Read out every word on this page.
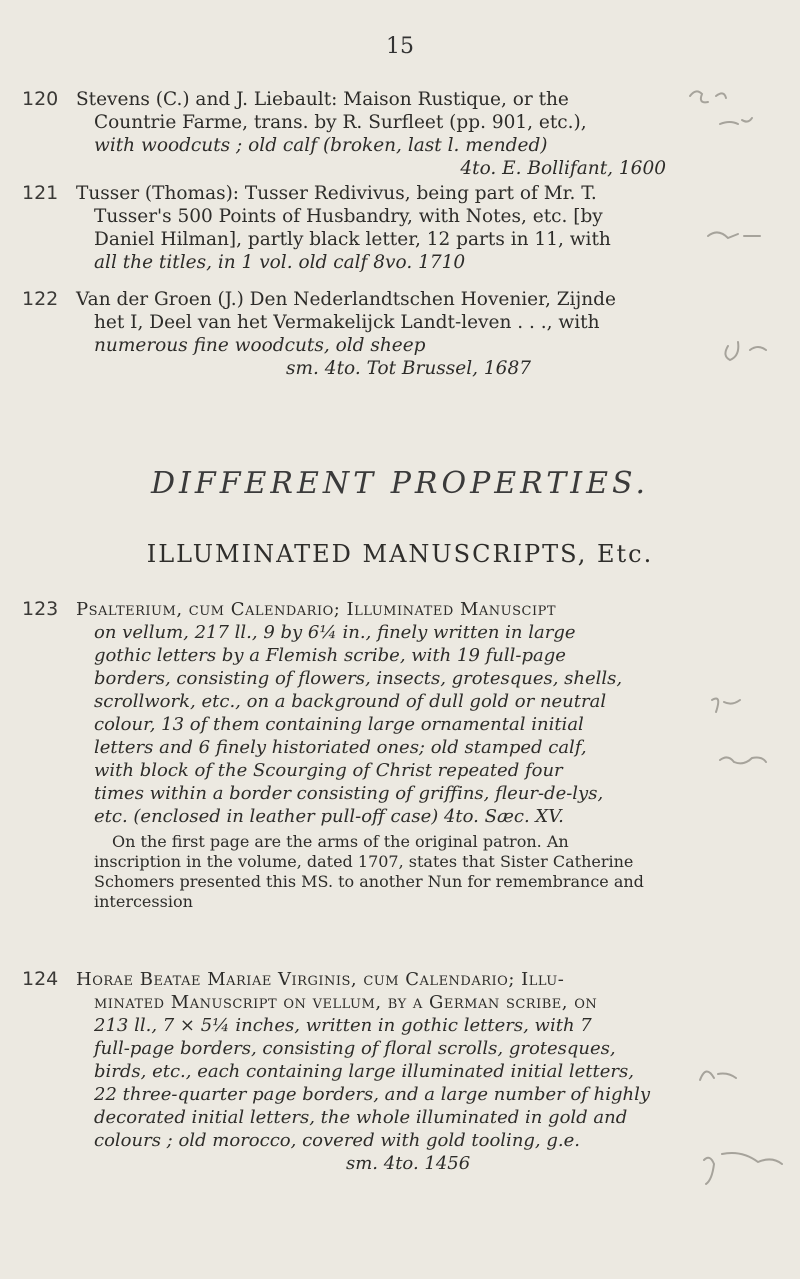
15
120 Stevens (C.) and J. Liebault: Maison Rustique, or the
Countrie Farme, trans. by R. Surfleet (pp. 901, etc.),
with woodcuts ; old calf (broken, last l. mended)
4to. E. Bollifant, 1600
121 Tusser (Thomas): Tusser Redivivus, being part of Mr. T.
Tusser's 500 Points of Husbandry, with Notes, etc. [by
Daniel Hilman], partly black letter, 12 parts in 11, with
all the titles, in 1 vol. old calf 8vo. 1710
122 Van der Groen (J.) Den Nederlandtschen Hovenier, Zijnde
het I, Deel van het Vermakelijck Landt-leven . . ., with
numerous fine woodcuts, old sheep
sm. 4to. Tot Brussel, 1687
DIFFERENT PROPERTIES.
ILLUMINATED MANUSCRIPTS, Etc.
123 Psalterium, cum Calendario; Illuminated Manuscipt
on vellum, 217 ll., 9 by 6¼ in., finely written in large
gothic letters by a Flemish scribe, with 19 full-page
borders, consisting of flowers, insects, grotesques, shells,
scrollwork, etc., on a background of dull gold or neutral
colour, 13 of them containing large ornamental initial
letters and 6 finely historiated ones; old stamped calf,
with block of the Scourging of Christ repeated four
times within a border consisting of griffins, fleur-de-lys,
etc. (enclosed in leather pull-off case) 4to. Sæc. XV.
On the first page are the arms of the original patron. An
inscription in the volume, dated 1707, states that Sister Catherine
Schomers presented this MS. to another Nun for remembrance and
intercession
124 Horae Beatae Mariae Virginis, cum Calendario; Illu-
minated Manuscript on vellum, by a German scribe, on
213 ll., 7 × 5¼ inches, written in gothic letters, with 7
full-page borders, consisting of floral scrolls, grotesques,
birds, etc., each containing large illuminated initial letters,
22 three-quarter page borders, and a large number of highly
decorated initial letters, the whole illuminated in gold and
colours ; old morocco, covered with gold tooling, g.e.
sm. 4to. 1456
